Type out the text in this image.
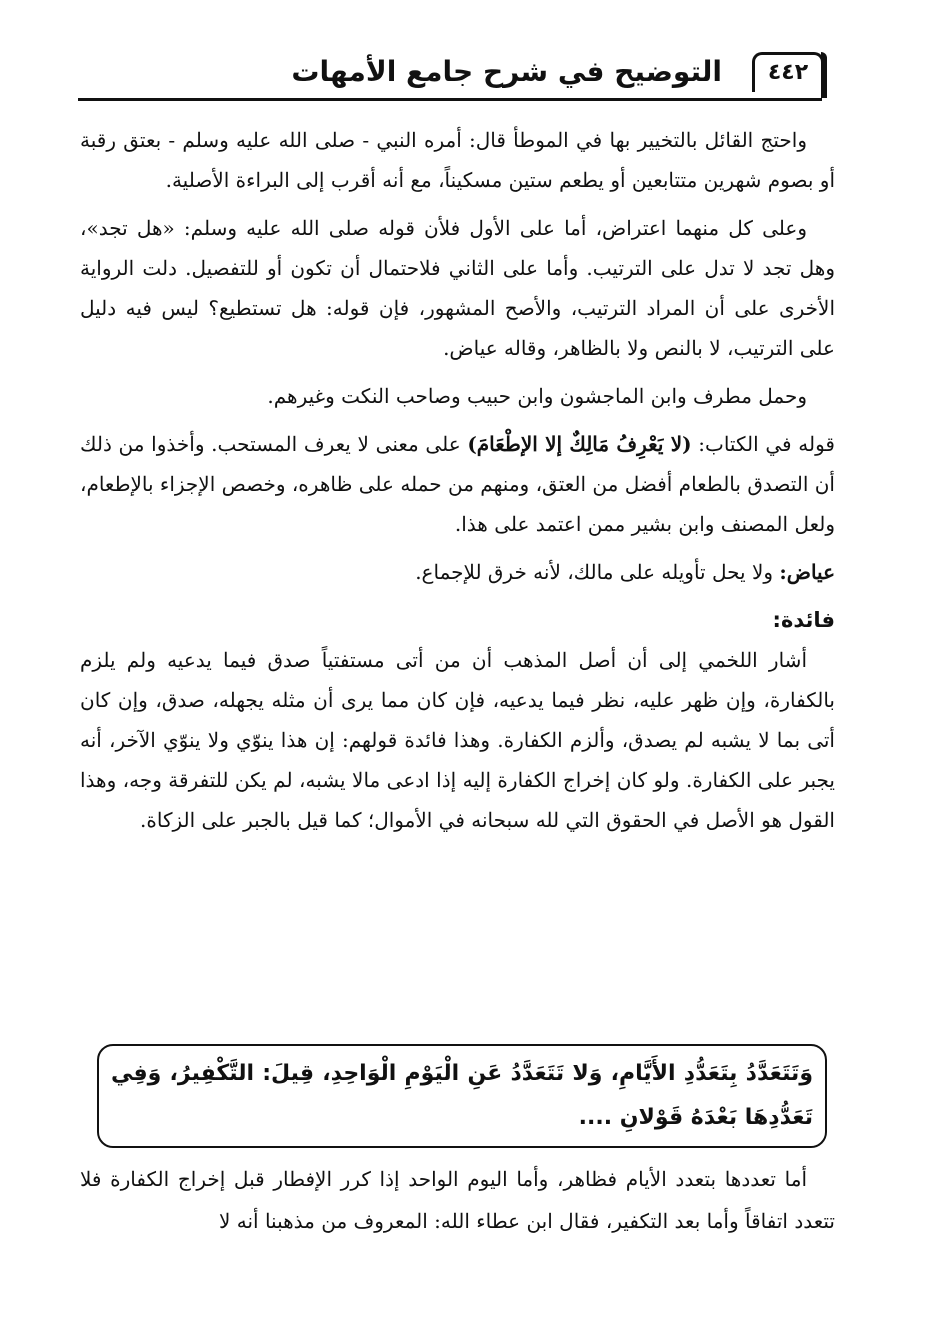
٤٤٢
التوضيح في شرح جامع الأمهات

واحتج القائل بالتخيير بها في الموطأ قال: أمره النبي - صلى الله عليه وسلم - بعتق رقبة أو بصوم شهرين متتابعين أو يطعم ستين مسكيناً، مع أنه أقرب إلى البراءة الأصلية.

وعلى كل منهما اعتراض، أما على الأول فلأن قوله صلى الله عليه وسلم: «هل تجد»، وهل تجد لا تدل على الترتيب. وأما على الثاني فلاحتمال أن تكون أو للتفصيل. دلت الرواية الأخرى على أن المراد الترتيب، والأصح المشهور، فإن قوله: هل تستطيع؟ ليس فيه دليل على الترتيب، لا بالنص ولا بالظاهر، وقاله عياض.

وحمل مطرف وابن الماجشون وابن حبيب وصاحب النكت وغيرهم.

قوله في الكتاب: (لا يَعْرِفُ مَالِكٌ إلا الإطْعَامَ) على معنى لا يعرف المستحب. وأخذوا من ذلك أن التصدق بالطعام أفضل من العتق، ومنهم من حمله على ظاهره، وخصص الإجزاء بالإطعام، ولعل المصنف وابن بشير ممن اعتمد على هذا.

عياض: ولا يحل تأويله على مالك، لأنه خرق للإجماع.

فائدة:

أشار اللخمي إلى أن أصل المذهب أن من أتى مستفتياً صدق فيما يدعيه ولم يلزم بالكفارة، وإن ظهر عليه، نظر فيما يدعيه، فإن كان مما يرى أن مثله يجهله، صدق، وإن كان أتى بما لا يشبه لم يصدق، وألزم الكفارة. وهذا فائدة قولهم: إن هذا ينوّي ولا ينوّي الآخر، أنه يجبر على الكفارة. ولو كان إخراج الكفارة إليه إذا ادعى مالا يشبه، لم يكن للتفرقة وجه، وهذا القول هو الأصل في الحقوق التي لله سبحانه في الأموال؛ كما قيل بالجبر على الزكاة.

وَتَتَعَدَّدُ بِتَعَدُّدِ الأَيَّامِ، وَلا تَتَعَدَّدُ عَنِ الْيَوْمِ الْوَاحِدِ، قِيلَ: التَّكْفِيرُ، وَفِي تَعَدُّدِهَا بَعْدَهُ قَوْلانِ ....

أما تعددها بتعدد الأيام فظاهر، وأما اليوم الواحد إذا كرر الإفطار قبل إخراج الكفارة فلا تتعدد اتفاقاً وأما بعد التكفير، فقال ابن عطاء الله: المعروف من مذهبنا أنه لا
